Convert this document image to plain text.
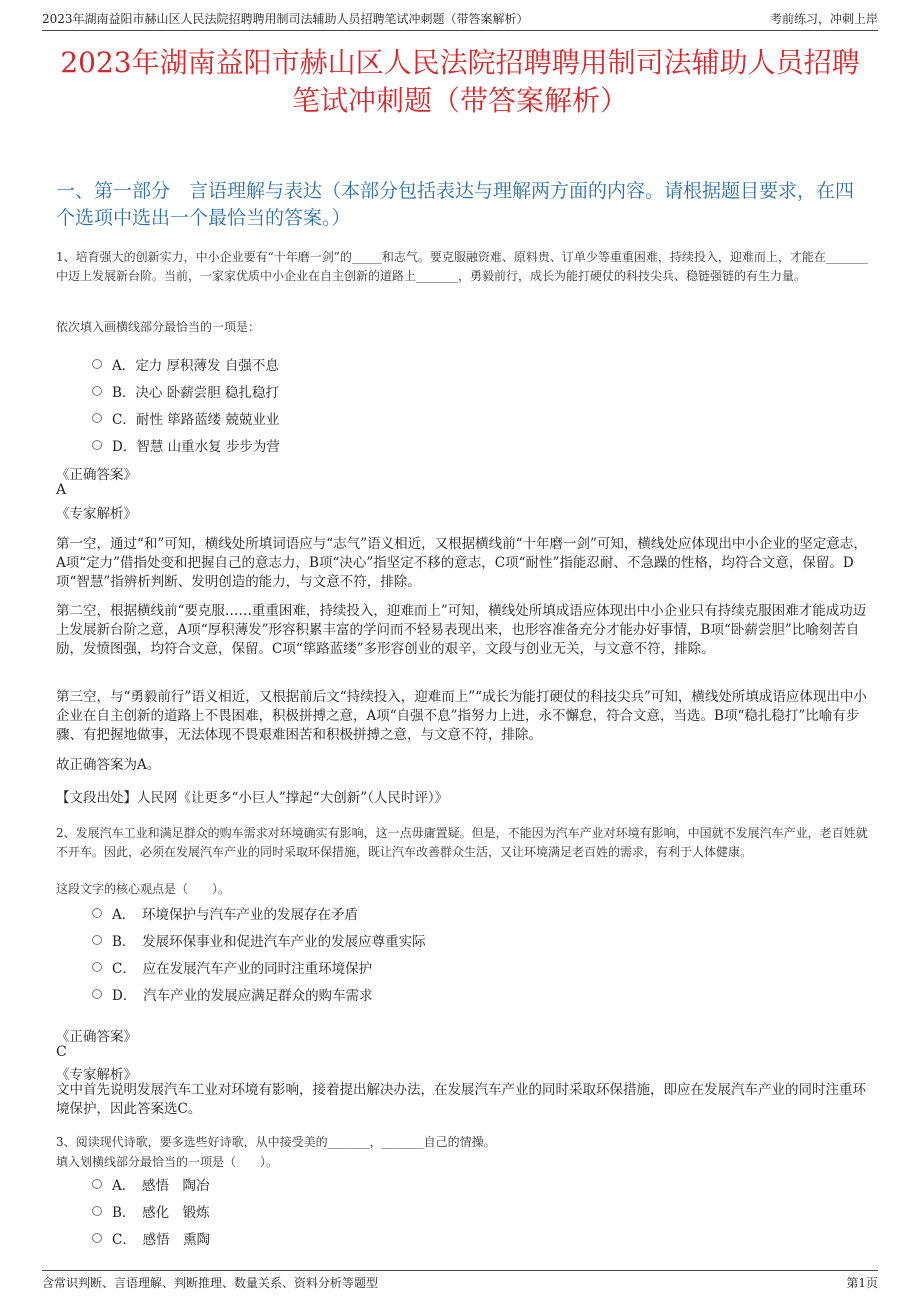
2023年湖南益阳市赫山区人民法院招聘聘用制司法辅助人员招聘笔试冲刺题（带答案解析）	考前练习，冲刺上岸
2023年湖南益阳市赫山区人民法院招聘聘用制司法辅助人员招聘笔试冲刺题（带答案解析）
一、第一部分　言语理解与表达（本部分包括表达与理解两方面的内容。请根据题目要求，在四个选项中选出一个最恰当的答案。）
1、培育强大的创新实力，中小企业要有“十年磨一剑”的_____和志气。要克服融资难、原料贵、订单少等重重困难，持续投入，迎难而上，才能在_______中迈上发展新台阶。当前，一家家优质中小企业在自主创新的道路上_______，勇毅前行，成长为能打硬仗的科技尖兵、稳链强链的有生力量。
依次填入画横线部分最恰当的一项是：
A．定力 厚积薄发 自强不息
B．决心 卧薪尝胆 稳扎稳打
C．耐性 筚路蓝缕 兢兢业业
D．智慧 山重水复 步步为营
《正确答案》
A
《专家解析》
第一空，通过“和”可知，横线处所填词语应与“志气”语义相近，又根据横线前“十年磨一剑”可知，横线处应体现出中小企业的坚定意志，A项“定力”借指处变和把握自己的意志力，B项“决心”指坚定不移的意志，C项“耐性”指能忍耐、不急躁的性格，均符合文意，保留。D项“智慧”指辨析判断、发明创造的能力，与文意不符，排除。
第二空，根据横线前“要克服……重重困难，持续投入，迎难而上”可知，横线处所填成语应体现出中小企业只有持续克服困难才能成功迈上发展新台阶之意，A项“厚积薄发”形容积累丰富的学问而不轻易表现出来，也形容准备充分才能办好事情，B项“卧薪尝胆”比喻刻苦自励，发愤图强，均符合文意，保留。C项“筚路蓝缕”多形容创业的艰辛，文段与创业无关，与文意不符，排除。
第三空，与“勇毅前行”语义相近，又根据前后文“持续投入，迎难而上”“成长为能打硬仗的科技尖兵”可知，横线处所填成语应体现出中小企业在自主创新的道路上不畏困难，积极拼搏之意，A项“自强不息”指努力上进，永不懈怠，符合文意，当选。B项“稳扎稳打”比喻有步骤、有把握地做事，无法体现不畏艰难困苦和积极拼搏之意，与文意不符，排除。
故正确答案为A。
【文段出处】人民网《让更多“小巨人”撑起“大创新”（人民时评）》
2、发展汽车工业和满足群众的购车需求对环境确实有影响，这一点毋庸置疑。但是，不能因为汽车产业对环境有影响，中国就不发展汽车产业，老百姓就不开车。因此，必须在发展汽车产业的同时采取环保措施，既让汽车改善群众生活，又让环境满足老百姓的需求，有利于人体健康。
这段文字的核心观点是（　　）。
A．　环境保护与汽车产业的发展存在矛盾
B．　发展环保事业和促进汽车产业的发展应尊重实际
C．　应在发展汽车产业的同时注重环境保护
D．　汽车产业的发展应满足群众的购车需求
《正确答案》
C
《专家解析》
文中首先说明发展汽车工业对环境有影响，接着提出解决办法，在发展汽车产业的同时采取环保措施，即应在发展汽车产业的同时注重环境保护，因此答案选C。
3、阅读现代诗歌，要多选些好诗歌，从中接受美的_______，_______自己的情操。
填入划横线部分最恰当的一项是（　　）。
A．　感悟　陶冶
B．　感化　锻炼
C．　感悟　熏陶
含常识判断、言语理解、判断推理、数量关系、资料分析等题型	第1页
